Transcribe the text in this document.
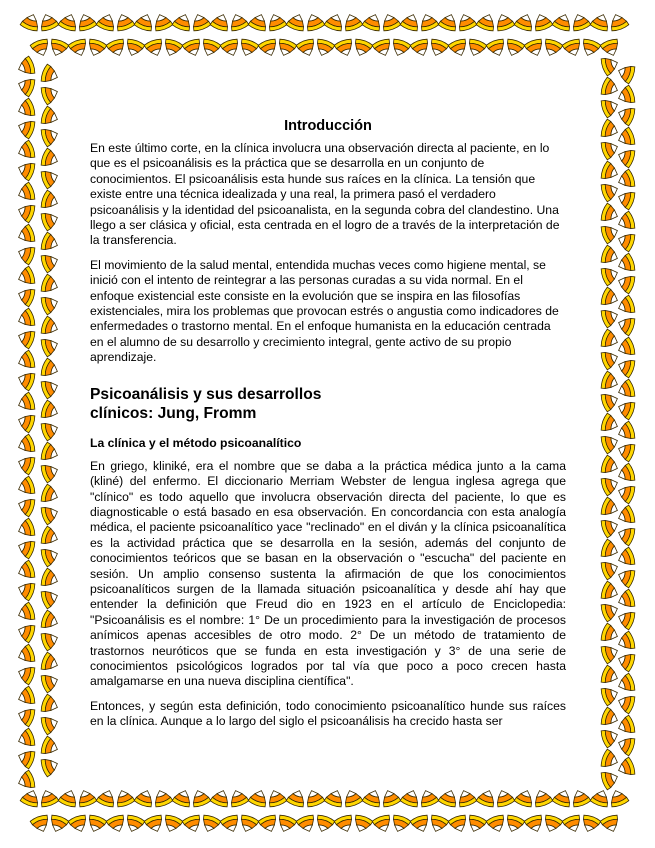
Introducción

En este último corte, en la clínica involucra una observación directa al paciente, en lo que es el psicoanálisis es la práctica que se desarrolla en un conjunto de conocimientos. El psicoanálisis esta hunde sus raíces en la clínica. La tensión que existe entre una técnica idealizada y una real, la primera pasó el verdadero psicoanálisis y la identidad del psicoanalista, en la segunda cobra del clandestino. Una llego a ser clásica y oficial, esta centrada en el logro de a través de la interpretación de la transferencia.

El movimiento de la salud mental, entendida muchas veces como higiene mental, se inició con el intento de reintegrar a las personas curadas a su vida normal. En el enfoque existencial este consiste en la evolución que se inspira en las filosofías existenciales, mira los problemas que provocan estrés o angustia como indicadores de enfermedades o trastorno mental. En el enfoque humanista en la educación centrada en el alumno de su desarrollo y crecimiento integral, gente activo de su propio aprendizaje.

Psicoanálisis y sus desarrollos clínicos: Jung, Fromm
La clínica y el método psicoanalítico

En griego, kliniké, era el nombre que se daba a la práctica médica junto a la cama (kliné) del enfermo. El diccionario Merriam Webster de lengua inglesa agrega que "clínico" es todo aquello que involucra observación directa del paciente, lo que es diagnosticable o está basado en esa observación. En concordancia con esta analogía médica, el paciente psicoanalítico yace "reclinado" en el diván y la clínica psicoanalítica es la actividad práctica que se desarrolla en la sesión, además del conjunto de conocimientos teóricos que se basan en la observación o "escucha" del paciente en sesión. Un amplio consenso sustenta la afirmación de que los conocimientos psicoanalíticos surgen de la llamada situación psicoanalítica y desde ahí hay que entender la definición que Freud dio en 1923 en el artículo de Enciclopedia: "Psicoanálisis es el nombre: 1° De un procedimiento para la investigación de procesos anímicos apenas accesibles de otro modo. 2° De un método de tratamiento de trastornos neuróticos que se funda en esta investigación y 3° de una serie de conocimientos psicológicos logrados por tal vía que poco a poco crecen hasta amalgamarse en una nueva disciplina científica".

Entonces, y según esta definición, todo conocimiento psicoanalítico hunde sus raíces en la clínica. Aunque a lo largo del siglo el psicoanálisis ha crecido hasta ser
